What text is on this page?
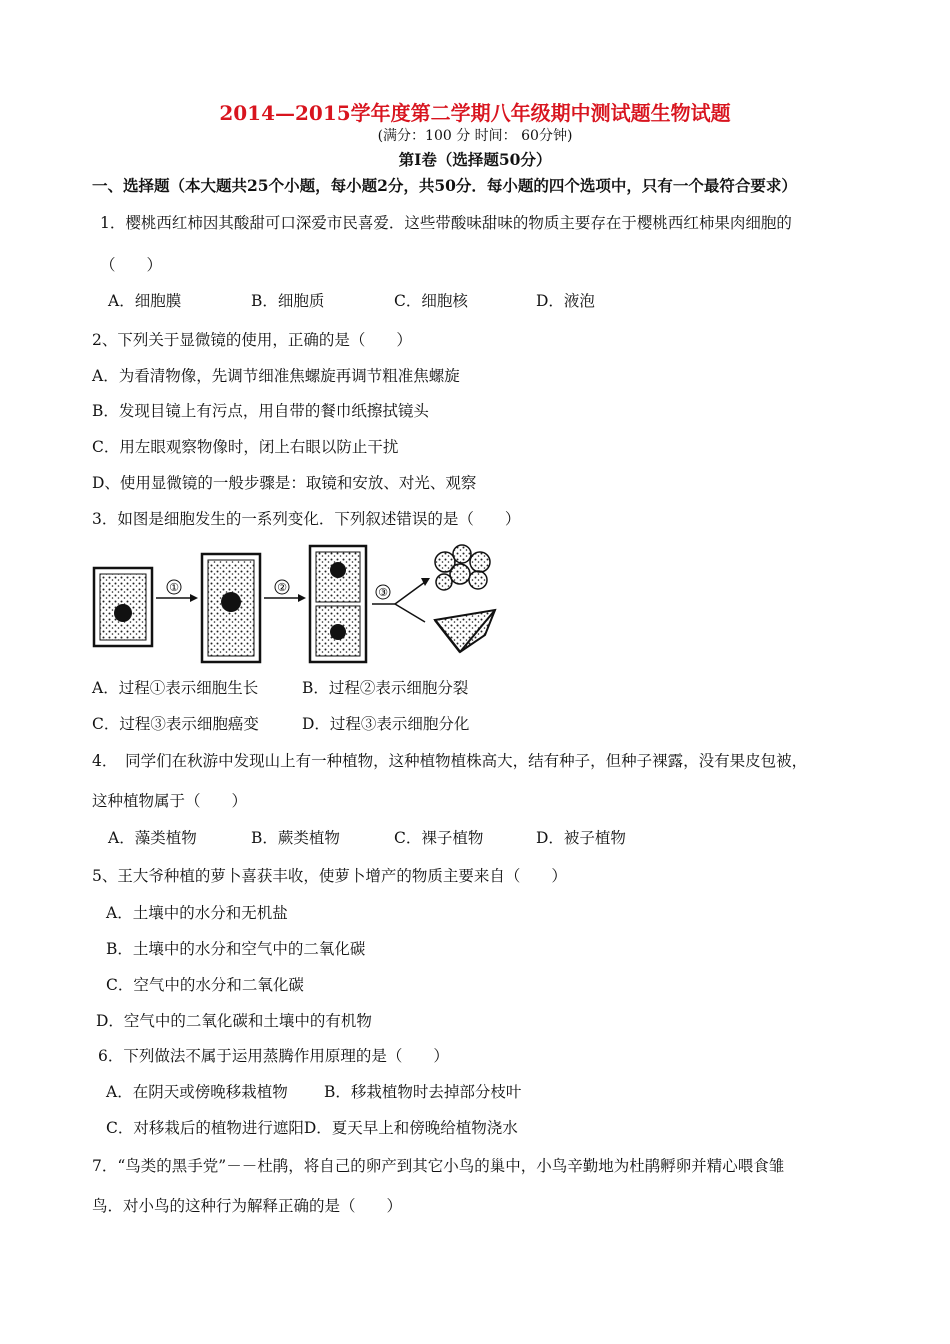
2014—2015学年度第二学期八年级期中测试题生物试题
(满分：100 分 时间： 60分钟)
第Ⅰ卷（选择题50分）
一、选择题（本大题共25个小题，每小题2分，共50分．每小题的四个选项中，只有一个最符合要求）
1．樱桃西红柿因其酸甜可口深爱市民喜爱．这些带酸味甜味的物质主要存在于樱桃西红柿果肉细胞的
（　　）
A．细胞膜	B．细胞质	C．细胞核	D．液泡
2、下列关于显微镜的使用，正确的是（　　）
A．为看清物像，先调节细准焦螺旋再调节粗准焦螺旋
B．发现目镜上有污点，用自带的餐巾纸擦拭镜头
C．用左眼观察物像时，闭上右眼以防止干扰
D、使用显微镜的一般步骤是：取镜和安放、对光、观察
3．如图是细胞发生的一系列变化．下列叙述错误的是（　　）
①	②	③
A．过程①表示细胞生长	B．过程②表示细胞分裂
C．过程③表示细胞癌变	D．过程③表示细胞分化
4．　同学们在秋游中发现山上有一种植物，这种植物植株高大，结有种子，但种子裸露，没有果皮包被，
这种植物属于（　　）
A．藻类植物	B．蕨类植物	C．裸子植物	D．被子植物
5、王大爷种植的萝卜喜获丰收，使萝卜增产的物质主要来自（　　）
A．土壤中的水分和无机盐
B．土壤中的水分和空气中的二氧化碳
C．空气中的水分和二氧化碳
D．空气中的二氧化碳和土壤中的有机物
6．下列做法不属于运用蒸腾作用原理的是（　　）
A．在阴天或傍晚移栽植物 B．移栽植物时去掉部分枝叶
C．对移栽后的植物进行遮阳D．夏天早上和傍晚给植物浇水
7．“鸟类的黑手党”－－杜鹃，将自己的卵产到其它小鸟的巢中，小鸟辛勤地为杜鹃孵卵并精心喂食雏
鸟．对小鸟的这种行为解释正确的是（　　）
